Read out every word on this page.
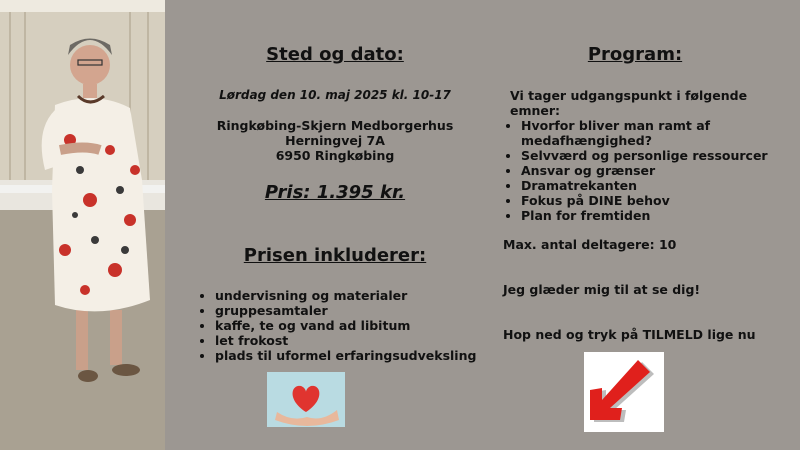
Sted og dato:
Lørdag den 10. maj 2025 kl. 10-17
Ringkøbing-Skjern Medborgerhus
Herningvej 7A
6950 Ringkøbing
Pris: 1.395 kr.
Prisen inkluderer:
• undervisning og materialer
• gruppesamtaler
• kaffe, te og vand ad libitum
• let frokost
• plads til uformel erfaringsudveksling
Program:
Vi tager udgangspunkt i følgende emner:
• Hvorfor bliver man ramt af medafhængighed?
• Selvværd og personlige ressourcer
• Ansvar og grænser
• Dramatrekanten
• Fokus på DINE behov
• Plan for fremtiden
Max. antal deltagere: 10
Jeg glæder mig til at se dig!
Hop ned og tryk på TILMELD lige nu
